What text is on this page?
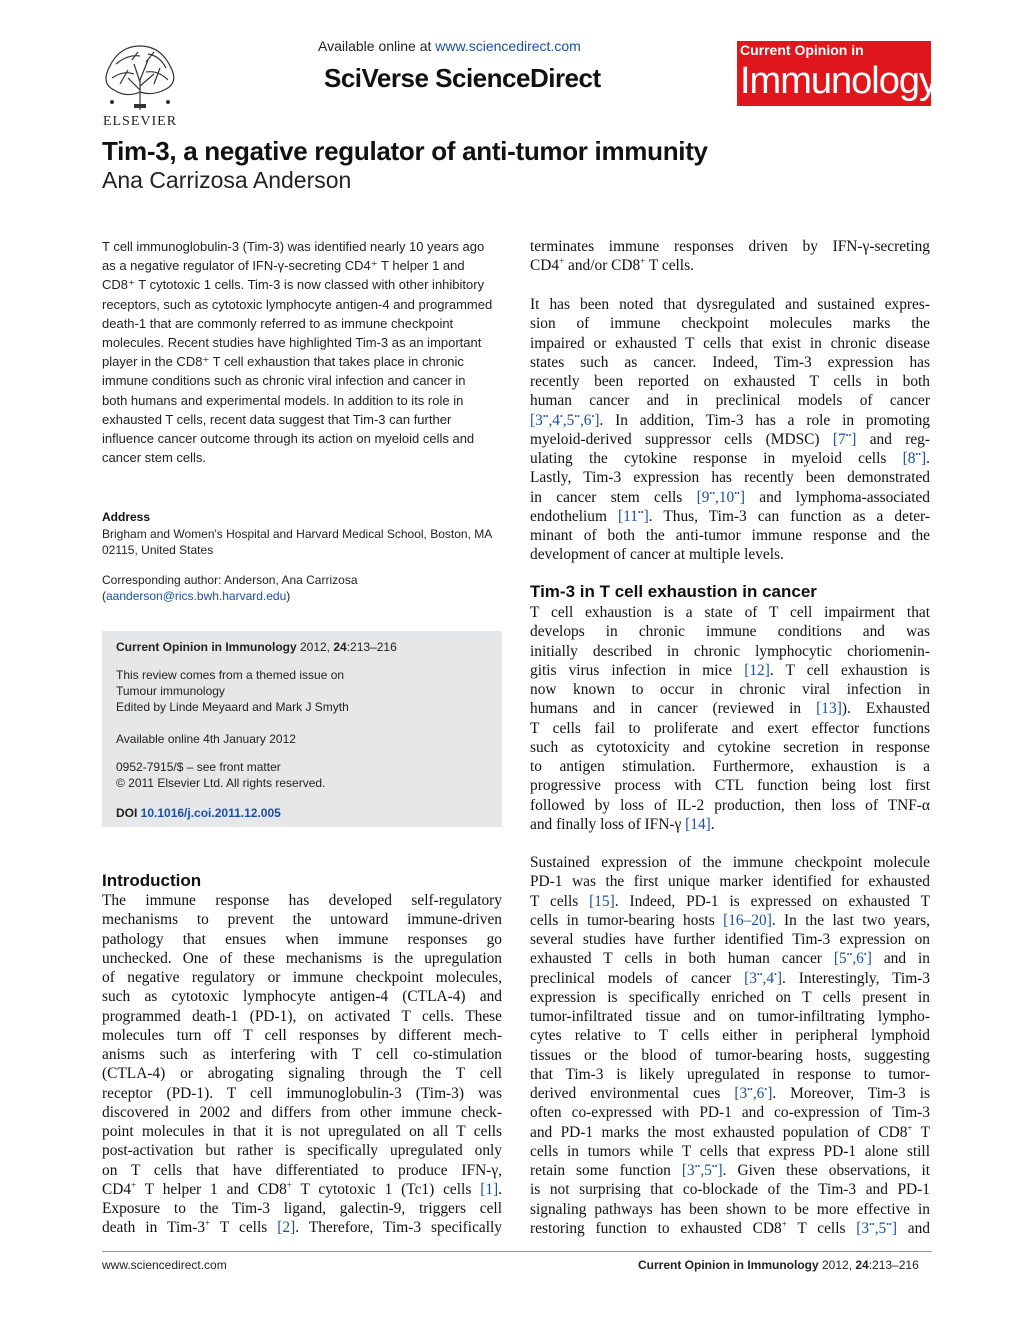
ELSEVIER
Available online at www.sciencedirect.com
SciVerse ScienceDirect
Current Opinion in
Immunology
Tim-3, a negative regulator of anti-tumor immunity
Ana Carrizosa Anderson
T cell immunoglobulin-3 (Tim-3) was identified nearly 10 years ago as a negative regulator of IFN-γ-secreting CD4⁺ T helper 1 and CD8⁺ T cytotoxic 1 cells. Tim-3 is now classed with other inhibitory receptors, such as cytotoxic lymphocyte antigen-4 and programmed death-1 that are commonly referred to as immune checkpoint molecules. Recent studies have highlighted Tim-3 as an important player in the CD8⁺ T cell exhaustion that takes place in chronic immune conditions such as chronic viral infection and cancer in both humans and experimental models. In addition to its role in exhausted T cells, recent data suggest that Tim-3 can further influence cancer outcome through its action on myeloid cells and cancer stem cells.
Address
Brigham and Women's Hospital and Harvard Medical School, Boston, MA 02115, United States
Corresponding author: Anderson, Ana Carrizosa
(aanderson@rics.bwh.harvard.edu)
Current Opinion in Immunology 2012, 24:213–216
This review comes from a themed issue on
Tumour immunology
Edited by Linde Meyaard and Mark J Smyth
Available online 4th January 2012
0952-7915/$ – see front matter
© 2011 Elsevier Ltd. All rights reserved.
DOI 10.1016/j.coi.2011.12.005
Introduction
The immune response has developed self-regulatory
mechanisms to prevent the untoward immune-driven
pathology that ensues when immune responses go
unchecked. One of these mechanisms is the upregulation
of negative regulatory or immune checkpoint molecules,
such as cytotoxic lymphocyte antigen-4 (CTLA-4) and
programmed death-1 (PD-1), on activated T cells. These
molecules turn off T cell responses by different mech-
anisms such as interfering with T cell co-stimulation
(CTLA-4) or abrogating signaling through the T cell
receptor (PD-1). T cell immunoglobulin-3 (Tim-3) was
discovered in 2002 and differs from other immune check-
point molecules in that it is not upregulated on all T cells
post-activation but rather is specifically upregulated only
on T cells that have differentiated to produce IFN-γ,
CD4+ T helper 1 and CD8+ T cytotoxic 1 (Tc1) cells [1].
Exposure to the Tim-3 ligand, galectin-9, triggers cell
death in Tim-3+ T cells [2]. Therefore, Tim-3 specifically
terminates immune responses driven by IFN-γ-secreting
CD4+ and/or CD8+ T cells.
It has been noted that dysregulated and sustained expres-
sion of immune checkpoint molecules marks the
impaired or exhausted T cells that exist in chronic disease
states such as cancer. Indeed, Tim-3 expression has
recently been reported on exhausted T cells in both
human cancer and in preclinical models of cancer
[3••,4•,5••,6•]. In addition, Tim-3 has a role in promoting
myeloid-derived suppressor cells (MDSC) [7••] and reg-
ulating the cytokine response in myeloid cells [8••].
Lastly, Tim-3 expression has recently been demonstrated
in cancer stem cells [9••,10••] and lymphoma-associated
endothelium [11••]. Thus, Tim-3 can function as a deter-
minant of both the anti-tumor immune response and the
development of cancer at multiple levels.
Tim-3 in T cell exhaustion in cancer
T cell exhaustion is a state of T cell impairment that
develops in chronic immune conditions and was
initially described in chronic lymphocytic choriomenin-
gitis virus infection in mice [12]. T cell exhaustion is
now known to occur in chronic viral infection in
humans and in cancer (reviewed in [13]). Exhausted
T cells fail to proliferate and exert effector functions
such as cytotoxicity and cytokine secretion in response
to antigen stimulation. Furthermore, exhaustion is a
progressive process with CTL function being lost first
followed by loss of IL-2 production, then loss of TNF-α
and finally loss of IFN-γ [14].
Sustained expression of the immune checkpoint molecule
PD-1 was the first unique marker identified for exhausted
T cells [15]. Indeed, PD-1 is expressed on exhausted T
cells in tumor-bearing hosts [16–20]. In the last two years,
several studies have further identified Tim-3 expression on
exhausted T cells in both human cancer [5••,6•] and in
preclinical models of cancer [3••,4•]. Interestingly, Tim-3
expression is specifically enriched on T cells present in
tumor-infiltrated tissue and on tumor-infiltrating lympho-
cytes relative to T cells either in peripheral lymphoid
tissues or the blood of tumor-bearing hosts, suggesting
that Tim-3 is likely upregulated in response to tumor-
derived environmental cues [3••,6•]. Moreover, Tim-3 is
often co-expressed with PD-1 and co-expression of Tim-3
and PD-1 marks the most exhausted population of CD8+ T
cells in tumors while T cells that express PD-1 alone still
retain some function [3••,5••]. Given these observations, it
is not surprising that co-blockade of the Tim-3 and PD-1
signaling pathways has been shown to be more effective in
restoring function to exhausted CD8+ T cells [3••,5••] and
www.sciencedirect.com	Current Opinion in Immunology 2012, 24:213–216
